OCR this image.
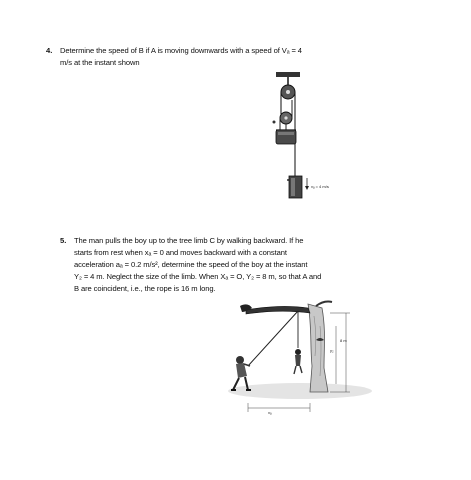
4. Determine the speed of B if A is moving downwards with a speed of Vₐ = 4
m/s at the instant shown
vₐ = 4 m/s
5. The man pulls the boy up to the tree limb C by walking backward. If he
starts from rest when xₐ = 0 and moves backward with a constant
acceleration aₐ = 0.2 m/s², determine the speed of the boy at the instant
Y₂ = 4 m. Neglect the size of the limb. When Xₐ = O, Y₂ = 8 m, so that A and
B are coincident, i.e., the rope is 16 m long.
y₂
8 m
xₐ
